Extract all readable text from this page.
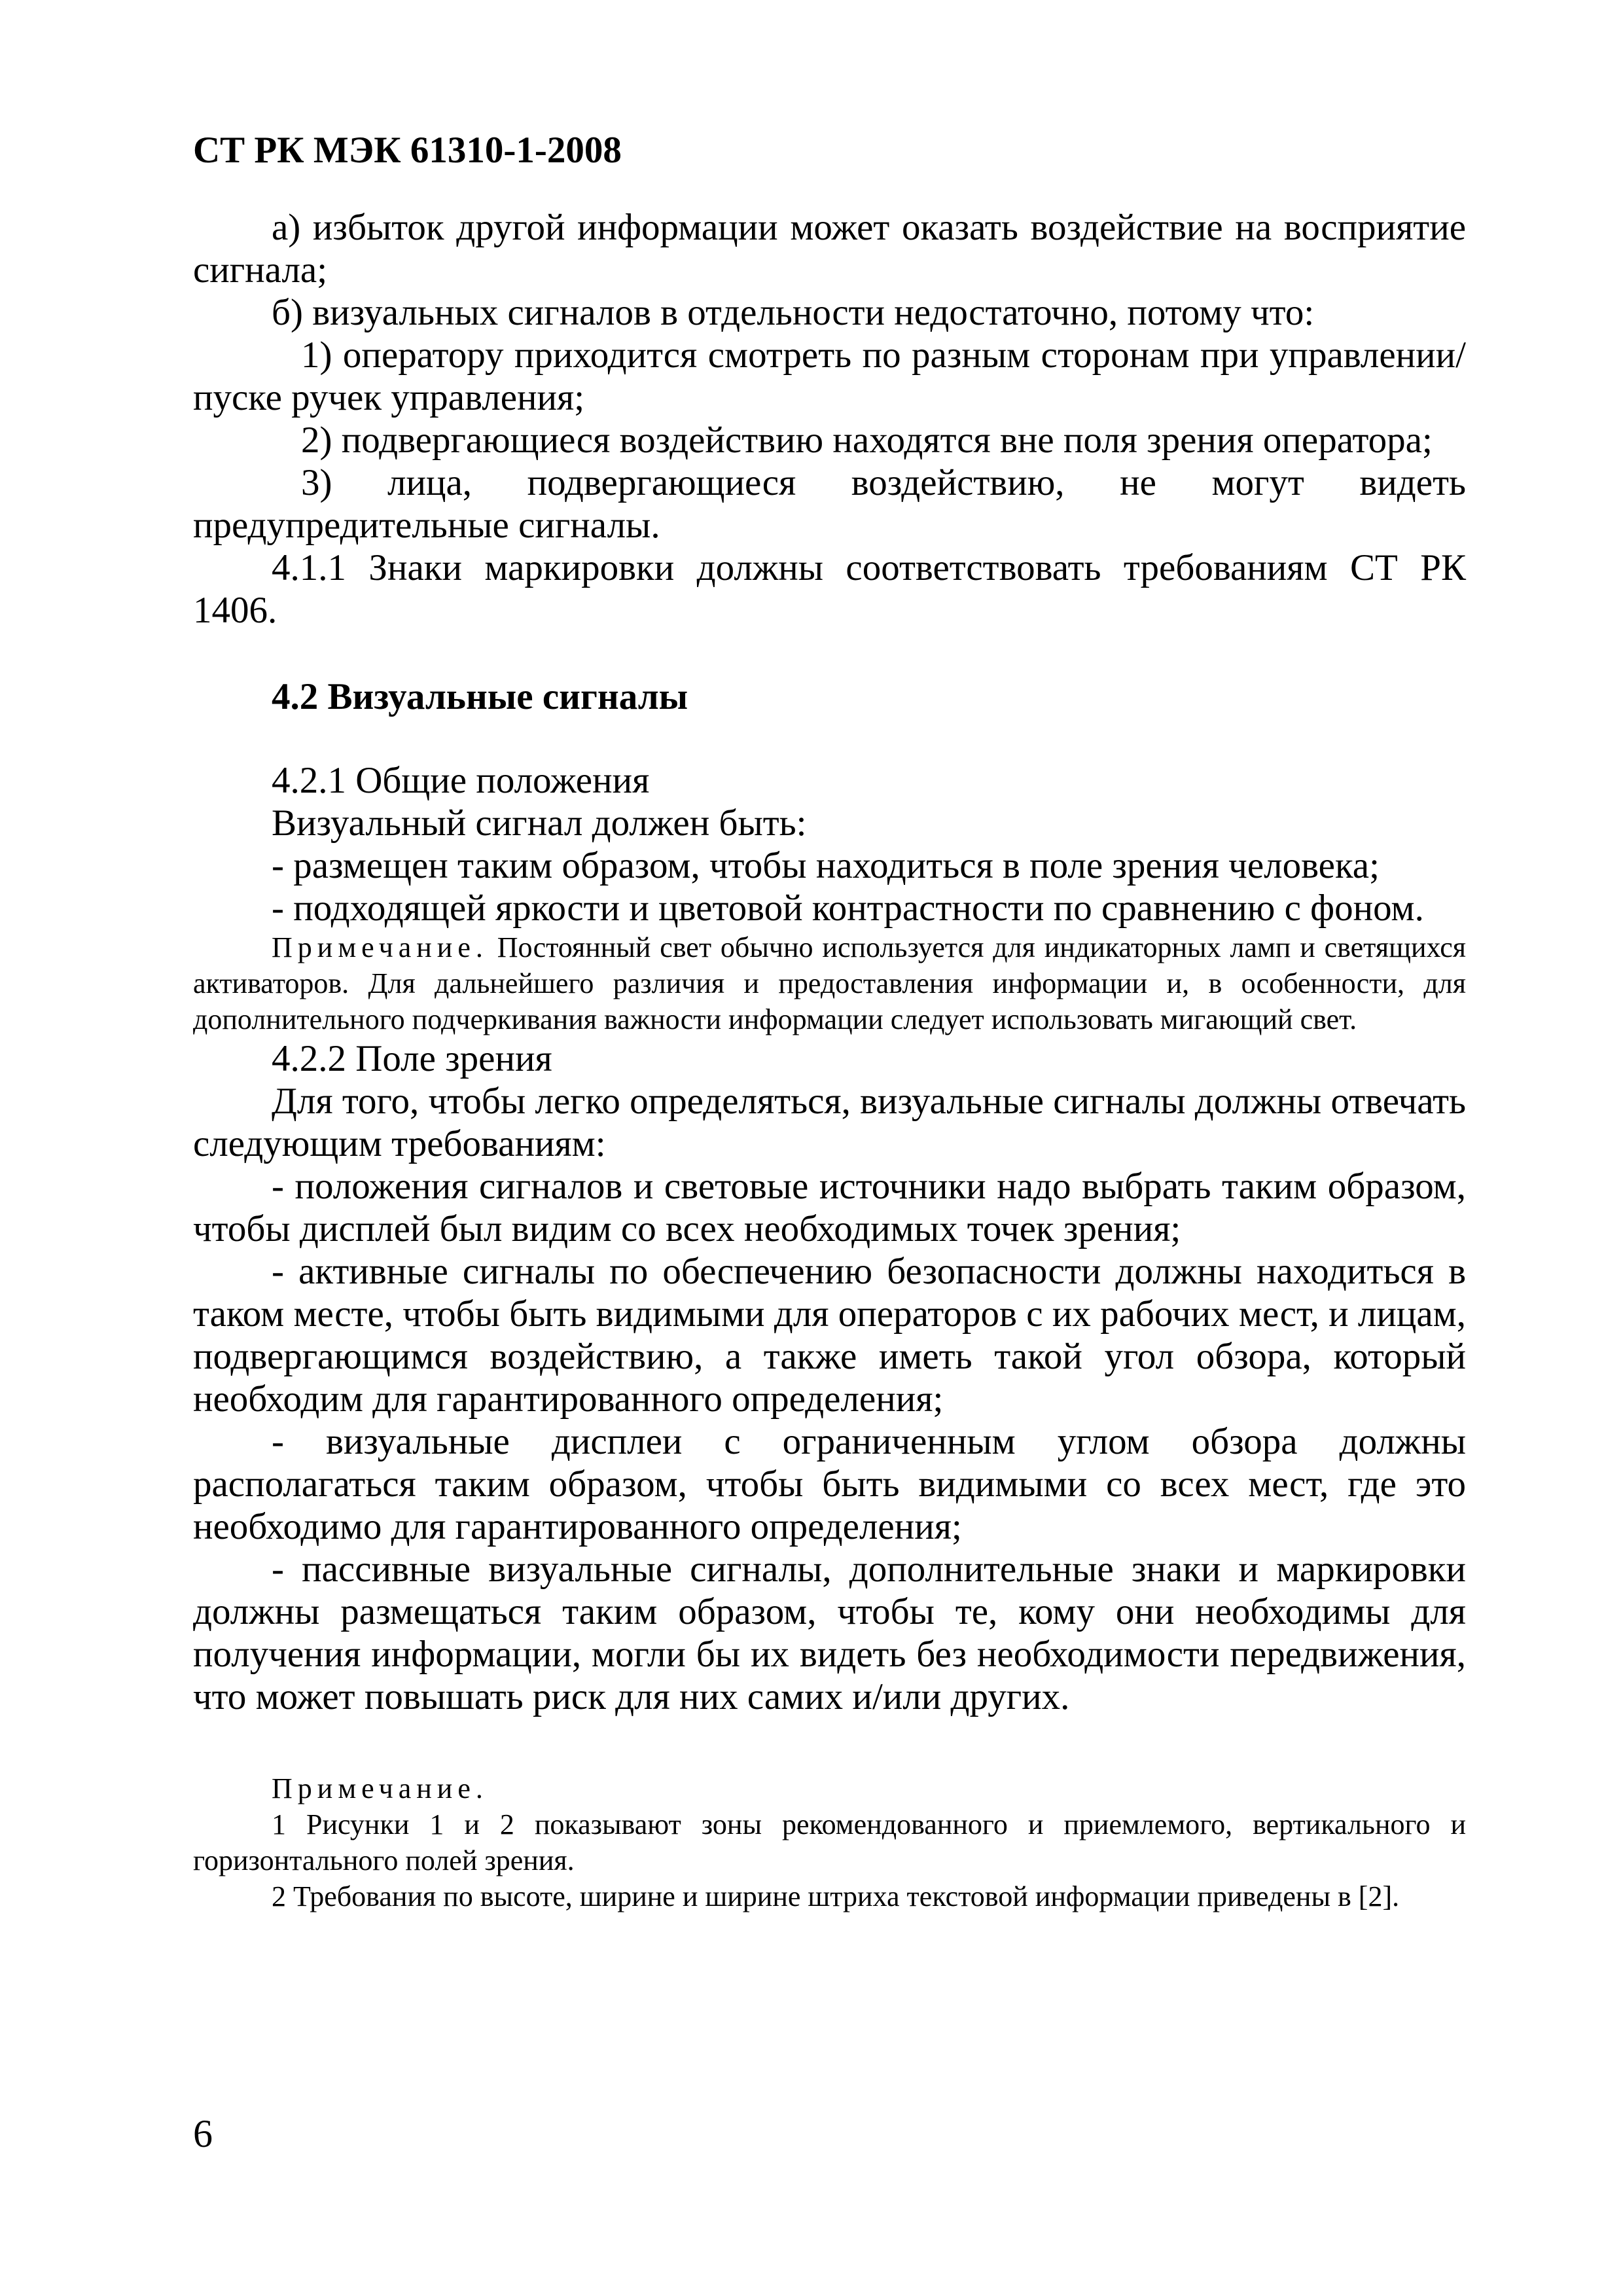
СТ РК МЭК 61310-1-2008

а) избыток другой информации может оказать воздействие на восприятие сигнала;

б) визуальных сигналов в отдельности недостаточно, потому что:

1) оператору приходится смотреть по разным сторонам при управлении/пуске ручек управления;

2) подвергающиеся воздействию находятся вне поля зрения оператора;

3) лица, подвергающиеся воздействию, не могут видеть предупредительные сигналы.

4.1.1 Знаки маркировки должны соответствовать требованиям СТ РК 1406.

4.2 Визуальные сигналы

4.2.1 Общие положения

Визуальный сигнал должен быть:

- размещен таким образом, чтобы находиться в поле зрения человека;

- подходящей яркости и цветовой контрастности по сравнению с фоном.

Примечание. Постоянный свет обычно используется для индикаторных ламп и светящихся активаторов. Для дальнейшего различия и предоставления информации и, в особенности, для дополнительного подчеркивания важности информации следует использовать мигающий свет.

4.2.2 Поле зрения

Для того, чтобы легко определяться, визуальные сигналы должны отвечать следующим требованиям:

- положения сигналов и световые источники надо выбрать таким образом, чтобы дисплей был видим со всех необходимых точек зрения;

- активные сигналы по обеспечению безопасности должны находиться в таком месте, чтобы быть видимыми для операторов с их рабочих мест, и лицам, подвергающимся воздействию, а также иметь такой угол обзора, который необходим для гарантированного определения;

- визуальные дисплеи с ограниченным углом обзора должны располагаться таким образом, чтобы быть видимыми со всех мест, где это необходимо для гарантированного определения;

- пассивные визуальные сигналы, дополнительные знаки и маркировки должны размещаться таким образом, чтобы те, кому они необходимы для получения информации, могли бы их видеть без необходимости передвижения, что может повышать риск для них самих и/или других.

Примечание.

1 Рисунки 1 и 2 показывают зоны рекомендованного и приемлемого, вертикального и горизонтального полей зрения.

2 Требования по высоте, ширине и ширине штриха текстовой информации приведены в [2].

6
